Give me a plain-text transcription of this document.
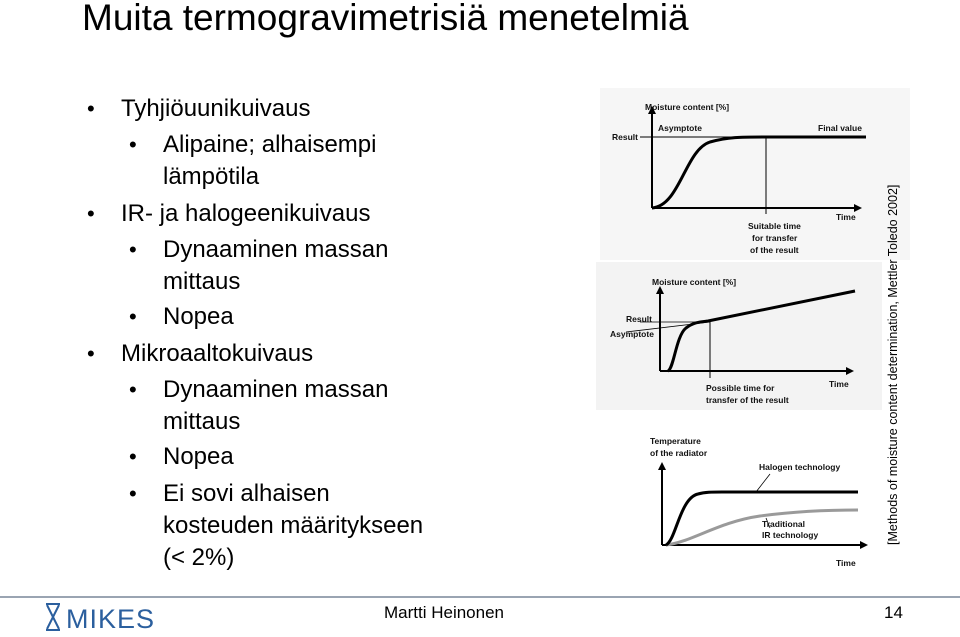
Muita termogravimetrisiä menetelmiä
• Tyhjiöuunikuivaus
• Alipaine; alhaisempi
lämpötila
• IR- ja halogeenikuivaus
• Dynaaminen massan
mittaus
• Nopea
• Mikroaaltokuivaus
• Dynaaminen massan
mittaus
• Nopea
• Ei sovi alhaisen
kosteuden määritykseen
(< 2%)
Moisture content [%]
Result
Asymptote	Final value
Time
Suitable time
for transfer
of the result
Moisture content [%]
Result
Asymptote
Time
Possible time for
transfer of the result
Temperature
of the radiator
Halogen technology
Traditional
IR technology
Time
[Methods of moisture content determination, Mettler Toledo 2002]
MIKES	Martti Heinonen	14
